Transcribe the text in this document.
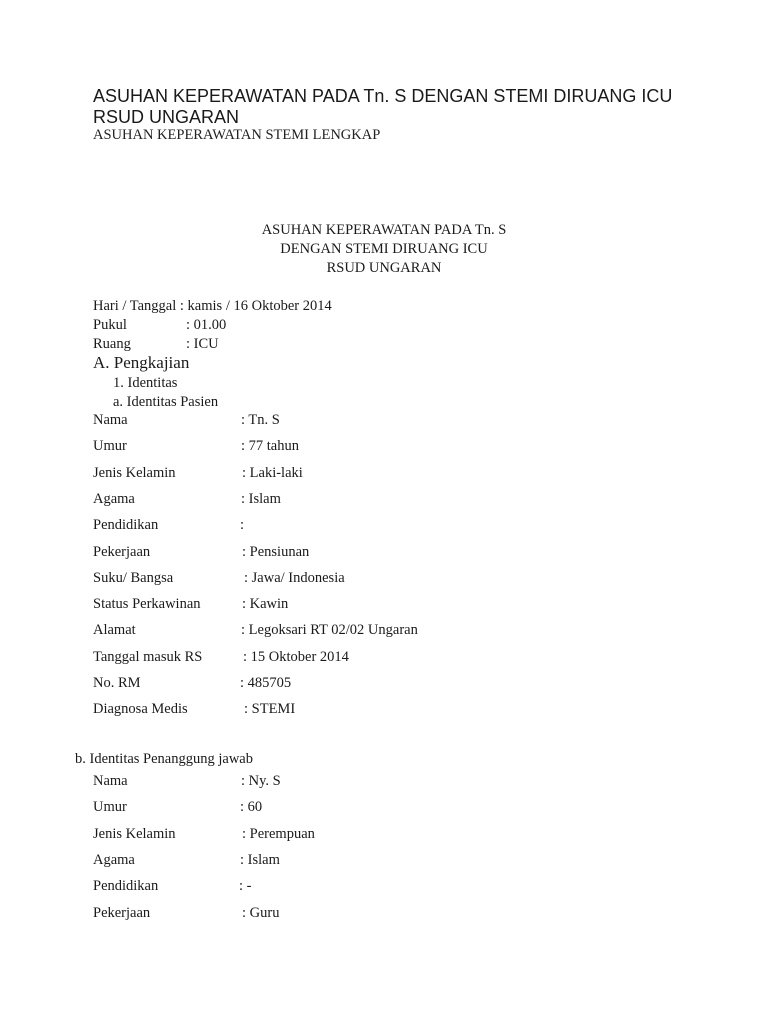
ASUHAN KEPERAWATAN PADA Tn. S DENGAN STEMI DIRUANG ICU
RSUD UNGARAN
ASUHAN KEPERAWATAN STEMI LENGKAP
ASUHAN KEPERAWATAN PADA Tn. S
DENGAN STEMI DIRUANG ICU
RSUD UNGARAN
Hari / Tanggal : kamis / 16 Oktober 2014
Pukul	: 01.00
Ruang	: ICU
A. Pengkajian
1. Identitas
a. Identitas Pasien
Nama	: Tn. S
Umur	: 77 tahun
Jenis Kelamin	: Laki-laki
Agama	: Islam
Pendidikan	:
Pekerjaan	: Pensiunan
Suku/ Bangsa	: Jawa/ Indonesia
Status Perkawinan	: Kawin
Alamat	: Legoksari RT 02/02 Ungaran
Tanggal masuk RS	: 15 Oktober 2014
No. RM	: 485705
Diagnosa Medis	: STEMI
b. Identitas Penanggung jawab
Nama	: Ny. S
Umur	: 60
Jenis Kelamin	: Perempuan
Agama	: Islam
Pendidikan	: -
Pekerjaan	: Guru
